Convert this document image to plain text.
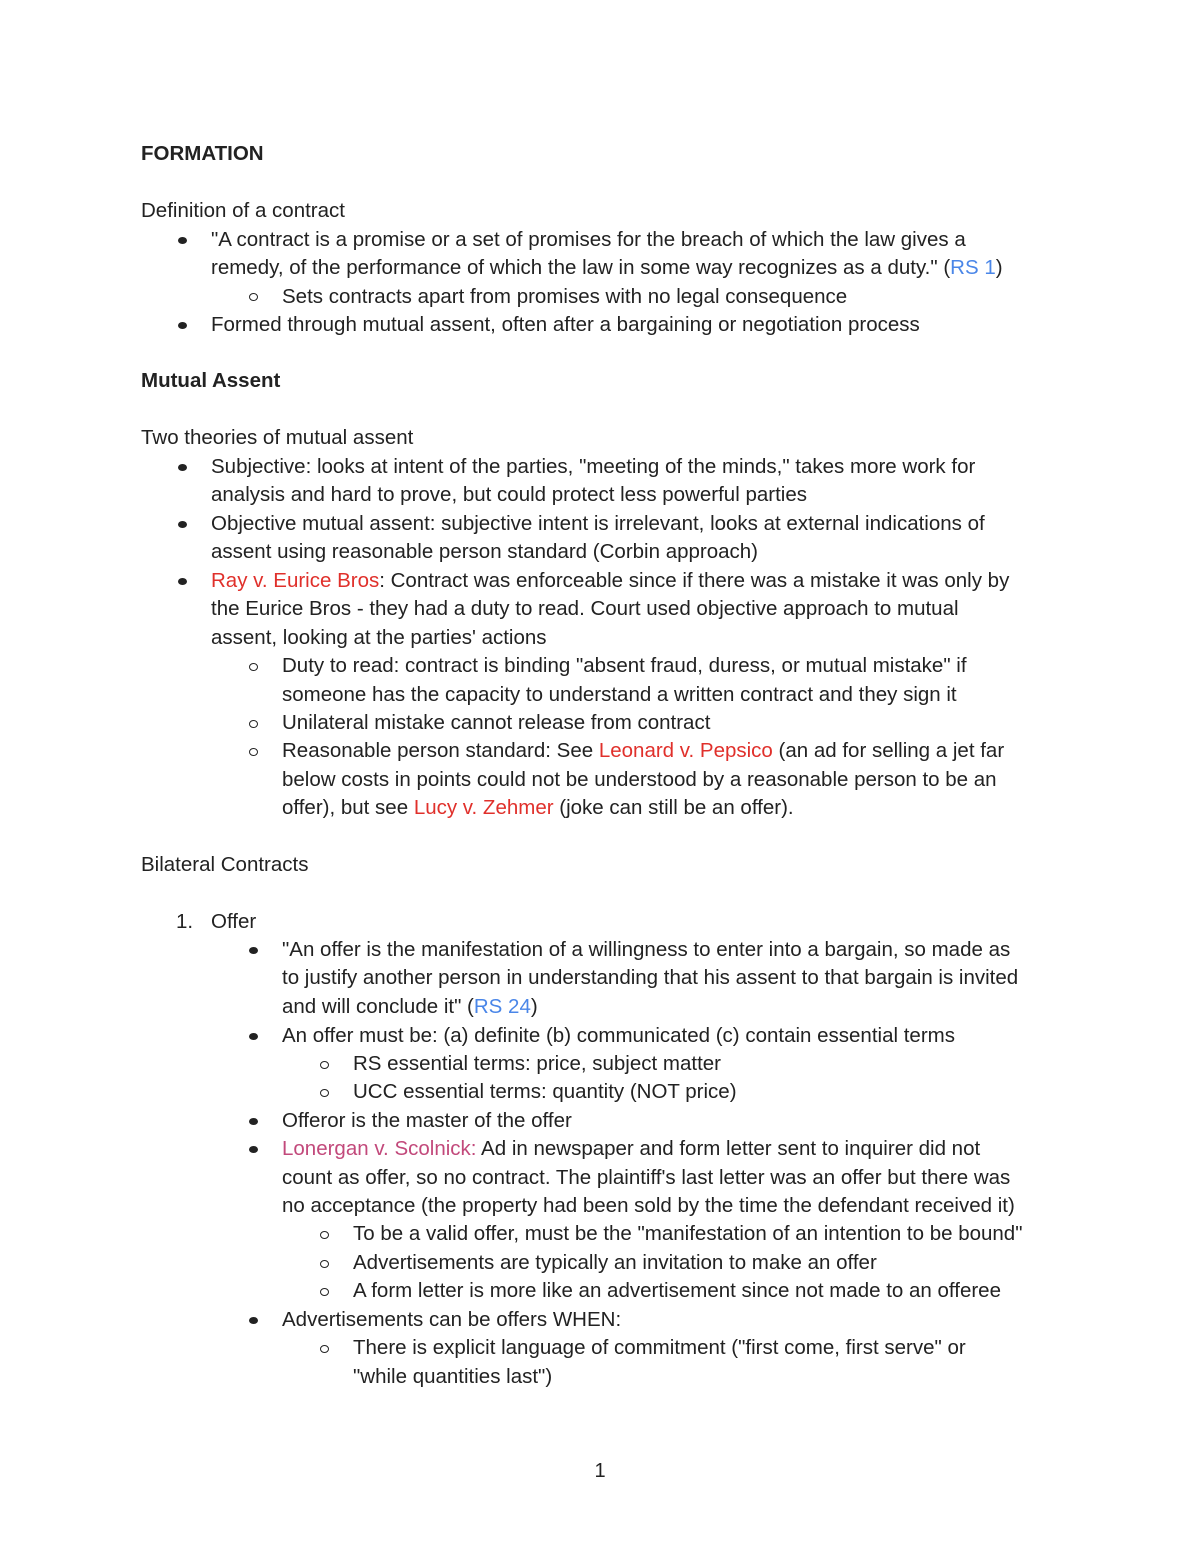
FORMATION
Definition of a contract
"A contract is a promise or a set of promises for the breach of which the law gives a
remedy, of the performance of which the law in some way recognizes as a duty." (RS 1)
Sets contracts apart from promises with no legal consequence
Formed through mutual assent, often after a bargaining or negotiation process
Mutual Assent
Two theories of mutual assent
Subjective: looks at intent of the parties, "meeting of the minds," takes more work for
analysis and hard to prove, but could protect less powerful parties
Objective mutual assent: subjective intent is irrelevant, looks at external indications of
assent using reasonable person standard (Corbin approach)
Ray v. Eurice Bros: Contract was enforceable since if there was a mistake it was only by
the Eurice Bros - they had a duty to read. Court used objective approach to mutual
assent, looking at the parties' actions
Duty to read: contract is binding "absent fraud, duress, or mutual mistake" if
someone has the capacity to understand a written contract and they sign it
Unilateral mistake cannot release from contract
Reasonable person standard: See Leonard v. Pepsico (an ad for selling a jet far
below costs in points could not be understood by a reasonable person to be an
offer), but see Lucy v. Zehmer (joke can still be an offer).
Bilateral Contracts
1. Offer
"An offer is the manifestation of a willingness to enter into a bargain, so made as
to justify another person in understanding that his assent to that bargain is invited
and will conclude it" (RS 24)
An offer must be: (a) definite (b) communicated (c) contain essential terms
RS essential terms: price, subject matter
UCC essential terms: quantity (NOT price)
Offeror is the master of the offer
Lonergan v. Scolnick: Ad in newspaper and form letter sent to inquirer did not
count as offer, so no contract. The plaintiff's last letter was an offer but there was
no acceptance (the property had been sold by the time the defendant received it)
To be a valid offer, must be the "manifestation of an intention to be bound"
Advertisements are typically an invitation to make an offer
A form letter is more like an advertisement since not made to an offeree
Advertisements can be offers WHEN:
There is explicit language of commitment ("first come, first serve" or
"while quantities last")
1
